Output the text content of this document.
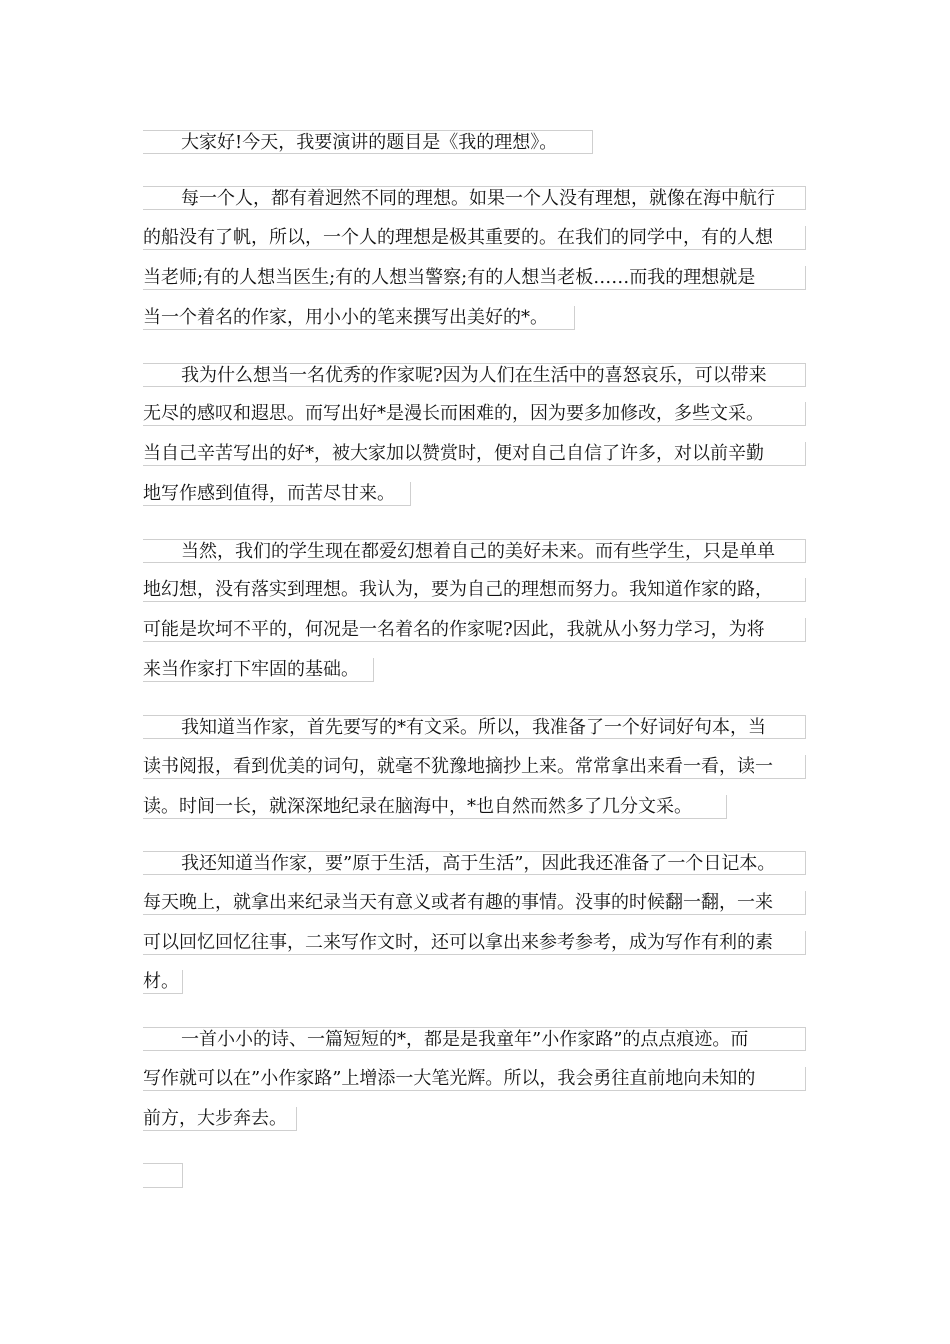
大家好!今天，我要演讲的题目是《我的理想》。
每一个人，都有着迥然不同的理想。如果一个人没有理想，就像在海中航行
的船没有了帆，所以，一个人的理想是极其重要的。在我们的同学中，有的人想
当老师;有的人想当医生;有的人想当警察;有的人想当老板……而我的理想就是
当一个着名的作家，用小小的笔来撰写出美好的*。
我为什么想当一名优秀的作家呢?因为人们在生活中的喜怒哀乐，可以带来
无尽的感叹和遐思。而写出好*是漫长而困难的，因为要多加修改，多些文采。
当自己辛苦写出的好*，被大家加以赞赏时，便对自己自信了许多，对以前辛勤
地写作感到值得，而苦尽甘来。
当然，我们的学生现在都爱幻想着自己的美好未来。而有些学生，只是单单
地幻想，没有落实到理想。我认为，要为自己的理想而努力。我知道作家的路，
可能是坎坷不平的，何况是一名着名的作家呢?因此，我就从小努力学习，为将
来当作家打下牢固的基础。
我知道当作家，首先要写的*有文采。所以，我准备了一个好词好句本，当
读书阅报，看到优美的词句，就毫不犹豫地摘抄上来。常常拿出来看一看，读一
读。时间一长，就深深地纪录在脑海中，*也自然而然多了几分文采。
我还知道当作家，要”原于生活，高于生活”，因此我还准备了一个日记本。
每天晚上，就拿出来纪录当天有意义或者有趣的事情。没事的时候翻一翻，一来
可以回忆回忆往事，二来写作文时，还可以拿出来参考参考，成为写作有利的素
材。
一首小小的诗、一篇短短的*，都是是我童年”小作家路”的点点痕迹。而
写作就可以在”小作家路”上增添一大笔光辉。所以，我会勇往直前地向未知的
前方，大步奔去。
